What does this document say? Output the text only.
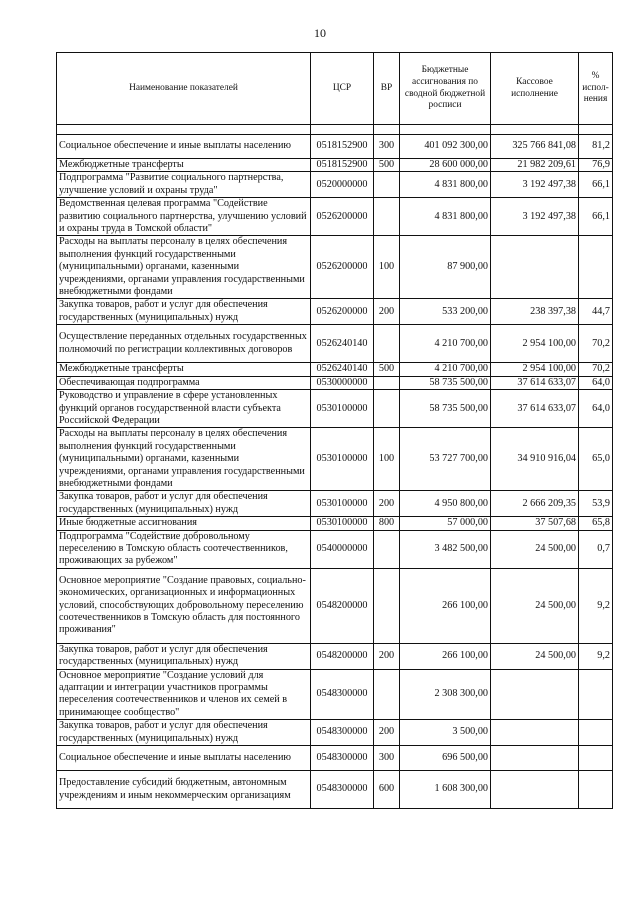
10
Наименование показателей	ЦСР	ВР	Бюджетные ассигнования по сводной бюджетной росписи	Кассовое исполнение	% испол-нения

Социальное обеспечение и иные выплаты населению	0518152900	300	401 092 300,00	325 766 841,08	81,2
Межбюджетные трансферты	0518152900	500	28 600 000,00	21 982 209,61	76,9
Подпрограмма "Развитие социального партнерства, улучшение условий и охраны труда"	0520000000		4 831 800,00	3 192 497,38	66,1
Ведомственная целевая программа "Содействие развитию социального партнерства, улучшению условий и охраны труда в Томской области"	0526200000		4 831 800,00	3 192 497,38	66,1
Расходы на выплаты персоналу в целях обеспечения выполнения функций государственными (муниципальными) органами, казенными учреждениями, органами управления государственными внебюджетными фондами	0526200000	100	87 900,00		
Закупка товаров, работ и услуг для обеспечения государственных (муниципальных) нужд	0526200000	200	533 200,00	238 397,38	44,7
Осуществление переданных отдельных государственных полномочий по регистрации коллективных договоров	0526240140		4 210 700,00	2 954 100,00	70,2
Межбюджетные трансферты	0526240140	500	4 210 700,00	2 954 100,00	70,2
Обеспечивающая подпрограмма	0530000000		58 735 500,00	37 614 633,07	64,0
Руководство и управление в сфере установленных функций органов государственной власти субъекта Российской Федерации	0530100000		58 735 500,00	37 614 633,07	64,0
Расходы на выплаты персоналу в целях обеспечения выполнения функций государственными (муниципальными) органами, казенными учреждениями, органами управления государственными внебюджетными фондами	0530100000	100	53 727 700,00	34 910 916,04	65,0
Закупка товаров, работ и услуг для обеспечения государственных (муниципальных) нужд	0530100000	200	4 950 800,00	2 666 209,35	53,9
Иные бюджетные ассигнования	0530100000	800	57 000,00	37 507,68	65,8
Подпрограмма "Содействие добровольному переселению в Томскую область соотечественников, проживающих за рубежом"	0540000000		3 482 500,00	24 500,00	0,7
Основное мероприятие "Создание правовых, социально-экономических, организационных и информационных условий, способствующих добровольному переселению соотечественников в Томскую область для постоянного проживания"	0548200000		266 100,00	24 500,00	9,2
Закупка товаров, работ и услуг для обеспечения государственных (муниципальных) нужд	0548200000	200	266 100,00	24 500,00	9,2
Основное мероприятие "Создание условий для адаптации и интеграции участников программы переселения соотечественников и членов их семей в принимающее сообщество"	0548300000		2 308 300,00		
Закупка товаров, работ и услуг для обеспечения государственных (муниципальных) нужд	0548300000	200	3 500,00		
Социальное обеспечение и иные выплаты населению	0548300000	300	696 500,00		
Предоставление субсидий бюджетным, автономным учреждениям и иным некоммерческим организациям	0548300000	600	1 608 300,00		
